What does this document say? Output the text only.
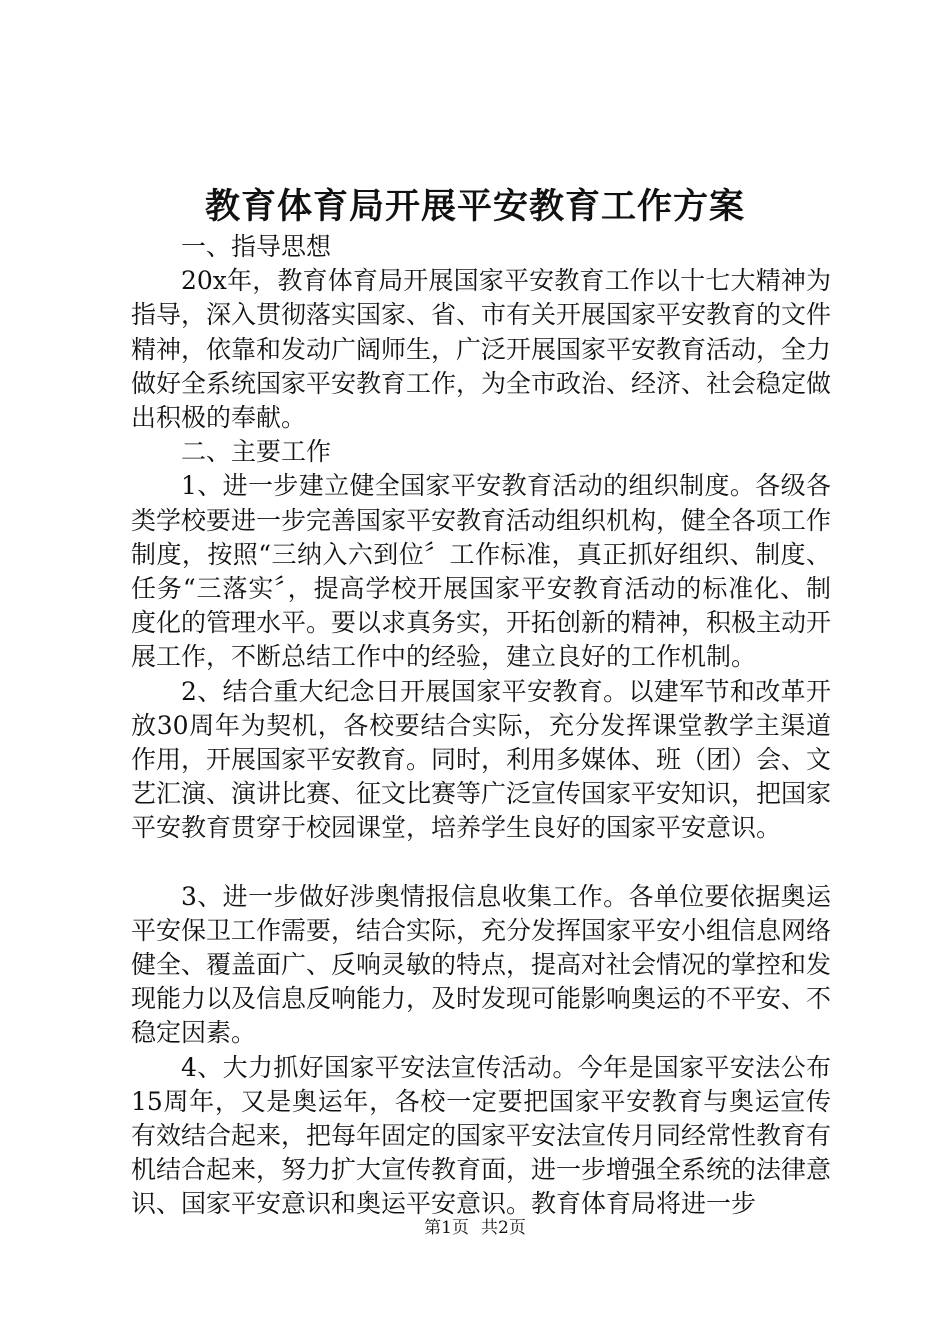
教育体育局开展平安教育工作方案

一、指导思想

20x年，教育体育局开展国家平安教育工作以十七大精神为指导，深入贯彻落实国家、省、市有关开展国家平安教育的文件精神，依靠和发动广阔师生，广泛开展国家平安教育活动，全力做好全系统国家平安教育工作，为全市政治、经济、社会稳定做出积极的奉献。

二、主要工作

1、进一步建立健全国家平安教育活动的组织制度。各级各类学校要进一步完善国家平安教育活动组织机构，健全各项工作制度，按照“三纳入六到位〞工作标准，真正抓好组织、制度、任务“三落实〞，提高学校开展国家平安教育活动的标准化、制度化的管理水平。要以求真务实，开拓创新的精神，积极主动开展工作，不断总结工作中的经验，建立良好的工作机制。

2、结合重大纪念日开展国家平安教育。以建军节和改革开放30周年为契机，各校要结合实际，充分发挥课堂教学主渠道作用，开展国家平安教育。同时，利用多媒体、班（团）会、文艺汇演、演讲比赛、征文比赛等广泛宣传国家平安知识，把国家平安教育贯穿于校园课堂，培养学生良好的国家平安意识。

3、进一步做好涉奥情报信息收集工作。各单位要依据奥运平安保卫工作需要，结合实际，充分发挥国家平安小组信息网络健全、覆盖面广、反响灵敏的特点，提高对社会情况的掌控和发现能力以及信息反响能力，及时发现可能影响奥运的不平安、不稳定因素。

4、大力抓好国家平安法宣传活动。今年是国家平安法公布15周年，又是奥运年，各校一定要把国家平安教育与奥运宣传有效结合起来，把每年固定的国家平安法宣传月同经常性教育有机结合起来，努力扩大宣传教育面，进一步增强全系统的法律意识、国家平安意识和奥运平安意识。教育体育局将进一步

第1页 共2页
